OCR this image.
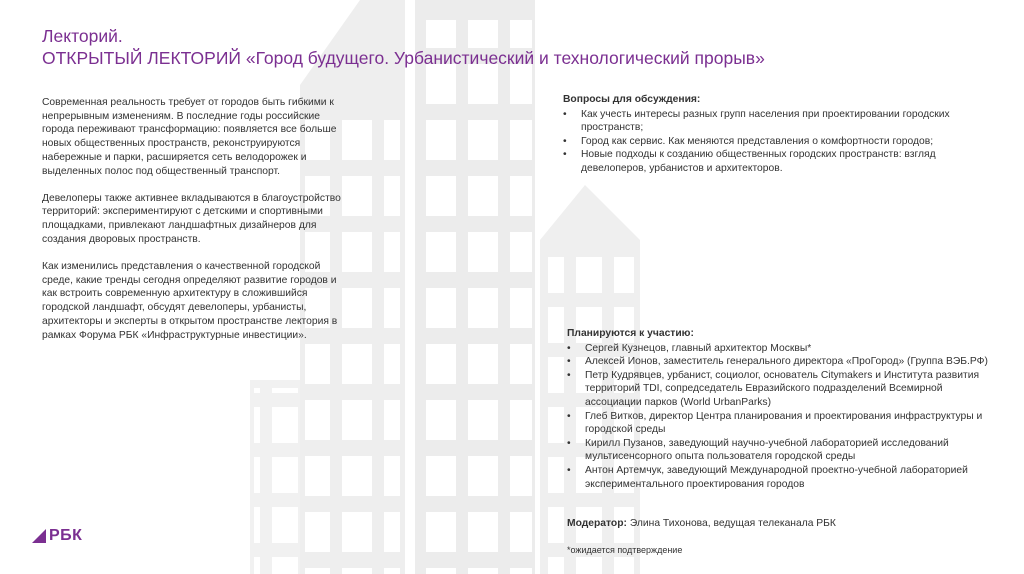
Лекторий.
ОТКРЫТЫЙ ЛЕКТОРИЙ «Город будущего. Урбанистический и технологический прорыв»

Современная реальность требует от городов быть гибкими к непрерывным изменениям. В последние годы российские города переживают трансформацию: появляется все больше новых общественных пространств, реконструируются набережные и парки, расширяется сеть велодорожек и выделенных полос под общественный транспорт.

Девелоперы также активнее вкладываются в благоустройство территорий: экспериментируют с детскими и спортивными площадками, привлекают ландшафтных дизайнеров для создания дворовых пространств.

Как изменились представления о качественной городской среде, какие тренды сегодня определяют развитие городов и как встроить современную архитектуру в сложившийся городской ландшафт, обсудят девелоперы, урбанисты, архитекторы и эксперты в открытом пространстве лектория в рамках Форума РБК «Инфраструктурные инвестиции».

Вопросы для обсуждения:
• Как учесть интересы разных групп населения при проектировании городских пространств;
• Город как сервис. Как меняются представления о комфортности городов;
• Новые подходы к созданию общественных городских пространств: взгляд девелоперов, урбанистов и архитекторов.
Планируются к участию:
• Сергей Кузнецов, главный архитектор Москвы*
• Алексей Ионов, заместитель генерального директора «ПроГород» (Группа ВЭБ.РФ)
• Петр Кудрявцев, урбанист, социолог, основатель Citymakers и Института развития территорий TDI, сопредседатель Евразийского подразделений Всемирной ассоциации парков (World UrbanParks)
• Глеб Витков, директор Центра планирования и проектирования инфраструктуры и городской среды
• Кирилл Пузанов, заведующий научно-учебной лабораторией исследований мультисенсорного опыта пользователя городской среды
• Антон Артемчук, заведующий Международной проектно-учебной лабораторией экспериментального проектирования городов
Модератор: Элина Тихонова, ведущая телеканала РБК
*ожидается подтверждение
РБК
